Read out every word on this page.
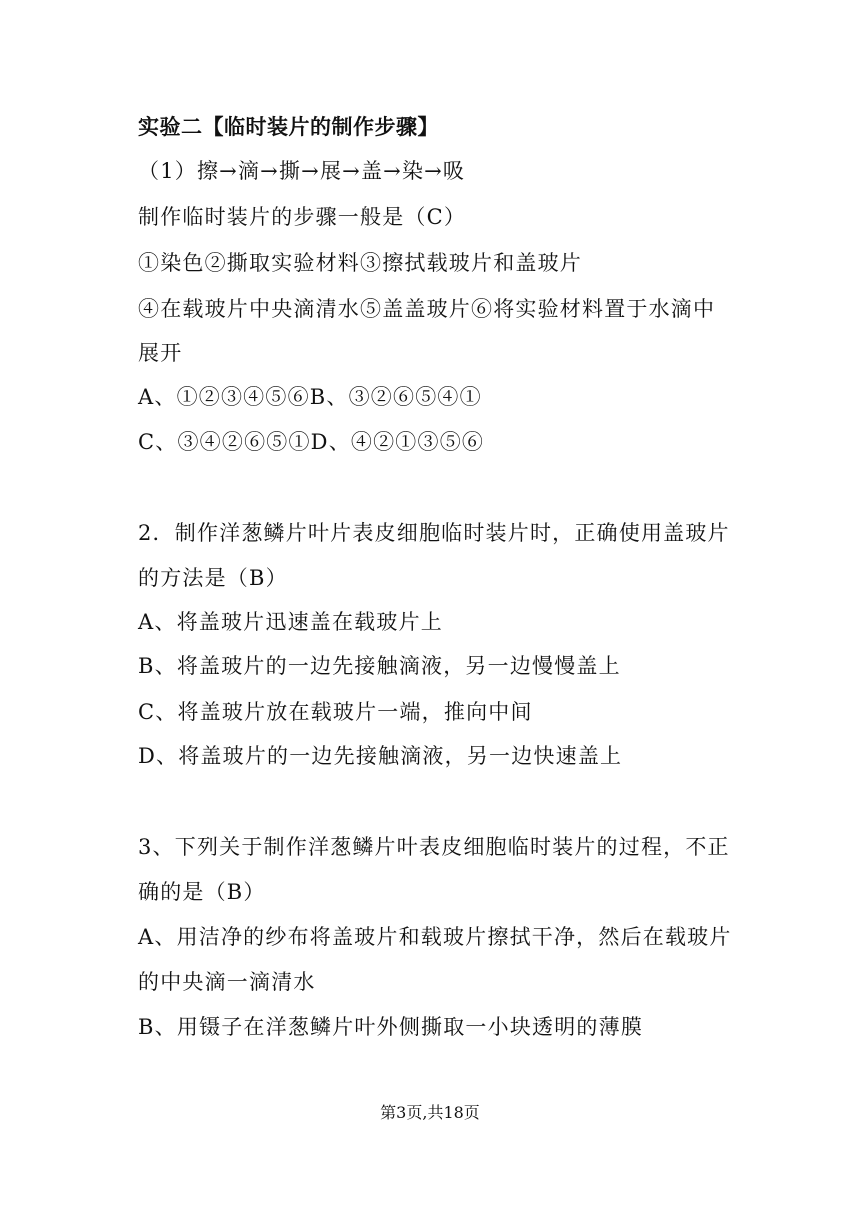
实验二【临时装片的制作步骤】
（1）擦→滴→撕→展→盖→染→吸
制作临时装片的步骤一般是（C）
①染色②撕取实验材料③擦拭载玻片和盖玻片
④在载玻片中央滴清水⑤盖盖玻片⑥将实验材料置于水滴中
展开
A、①②③④⑤⑥B、③②⑥⑤④①
C、③④②⑥⑤①D、④②①③⑤⑥
2．制作洋葱鳞片叶片表皮细胞临时装片时，正确使用盖玻片
的方法是（B）
A、将盖玻片迅速盖在载玻片上
B、将盖玻片的一边先接触滴液，另一边慢慢盖上
C、将盖玻片放在载玻片一端，推向中间
D、将盖玻片的一边先接触滴液，另一边快速盖上
3、下列关于制作洋葱鳞片叶表皮细胞临时装片的过程，不正
确的是（B）
A、用洁净的纱布将盖玻片和载玻片擦拭干净，然后在载玻片
的中央滴一滴清水
B、用镊子在洋葱鳞片叶外侧撕取一小块透明的薄膜
第3页,共18页
